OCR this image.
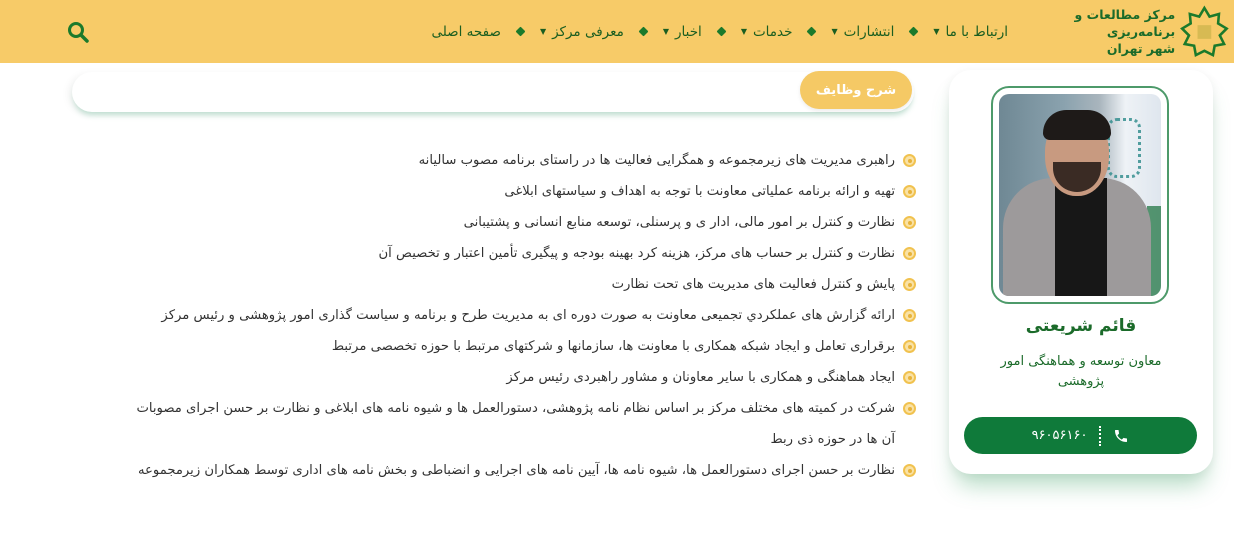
مرکز مطالعات و برنامه‌ریزی
شهر تهران
صفحه اصلی	معرفی مرکز
▼	اخبار
▼	خدمات
▼	انتشارات
▼	ارتباط با ما
▼
قائم شریعتی
معاون توسعه و هماهنگی امور پژوهشی
۹۶۰۵۶۱۶۰
شرح وظایف
راهبری مدیریت های زیرمجموعه و همگرایی فعالیت ها در راستای برنامه مصوب سالیانه
تهیه و ارائه برنامه عملیاتی معاونت با توجه به اهداف و سیاستهای ابلاغی
نظارت و کنترل بر امور مالی، ادار ی و پرسنلی، توسعه منابع انسانی و پشتیبانی
نظارت و کنترل بر حساب های مرکز، هزینه کرد بهینه بودجه و پیگیری تأمین اعتبار و تخصیص آن
پایش و کنترل فعالیت های مدیریت های تحت نظارت
ارائه گزارش های عملکردي تجمیعی معاونت به صورت دوره ای به مدیریت طرح و برنامه و سیاست گذاری امور پژوهشی و رئیس مرکز
برقراری تعامل و ایجاد شبکه همکاری با معاونت ها، سازمانها و شرکتهای مرتبط با حوزه تخصصی مرتبط
ایجاد هماهنگی و همکاری با سایر معاونان و مشاور راهبردی رئیس مرکز
شرکت در کمیته های مختلف مرکز بر اساس نظام نامه پژوهشی، دستورالعمل ها و شیوه نامه های ابلاغی و نظارت بر حسن اجرای مصوبات آن ها در حوزه ذی ربط
نظارت بر حسن اجرای دستورالعمل ها، شیوه نامه ها، آیین نامه های اجرایی و انضباطی و بخش نامه های اداری توسط همکاران زیرمجموعه
